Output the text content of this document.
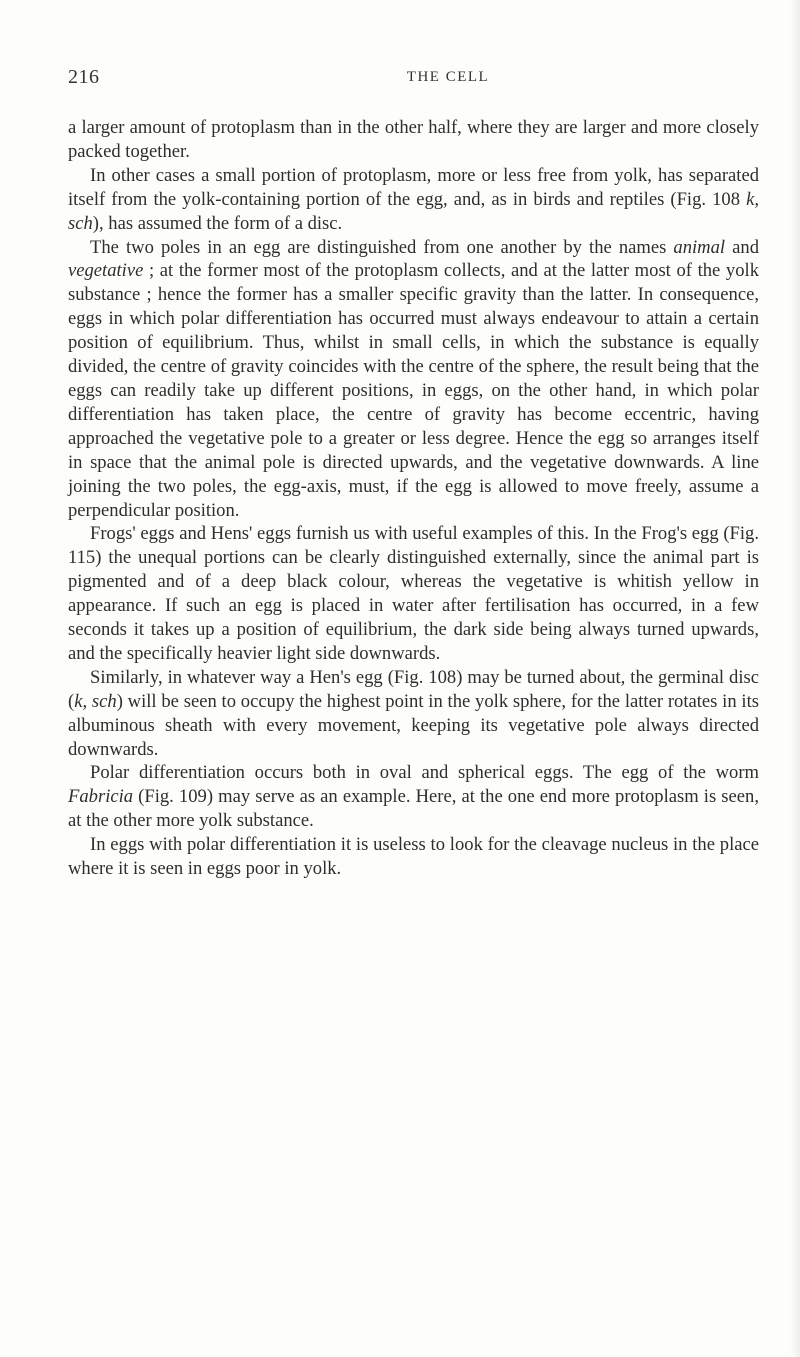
216	THE CELL

a larger amount of protoplasm than in the other half, where they are larger and more closely packed together.

In other cases a small portion of protoplasm, more or less free from yolk, has separated itself from the yolk-containing portion of the egg, and, as in birds and reptiles (Fig. 108 k, sch), has assumed the form of a disc.

The two poles in an egg are distinguished from one another by the names animal and vegetative ; at the former most of the protoplasm collects, and at the latter most of the yolk substance ; hence the former has a smaller specific gravity than the latter. In consequence, eggs in which polar differentiation has occurred must always endeavour to attain a certain position of equilibrium. Thus, whilst in small cells, in which the substance is equally divided, the centre of gravity coincides with the centre of the sphere, the result being that the eggs can readily take up different positions, in eggs, on the other hand, in which polar differentiation has taken place, the centre of gravity has become eccentric, having approached the vegetative pole to a greater or less degree. Hence the egg so arranges itself in space that the animal pole is directed upwards, and the vegetative downwards. A line joining the two poles, the egg-axis, must, if the egg is allowed to move freely, assume a perpendicular position.

Frogs' eggs and Hens' eggs furnish us with useful examples of this. In the Frog's egg (Fig. 115) the unequal portions can be clearly distinguished externally, since the animal part is pigmented and of a deep black colour, whereas the vegetative is whitish yellow in appearance. If such an egg is placed in water after fertilisation has occurred, in a few seconds it takes up a position of equilibrium, the dark side being always turned upwards, and the specifically heavier light side downwards.

Similarly, in whatever way a Hen's egg (Fig. 108) may be turned about, the germinal disc (k, sch) will be seen to occupy the highest point in the yolk sphere, for the latter rotates in its albuminous sheath with every movement, keeping its vegetative pole always directed downwards.

Polar differentiation occurs both in oval and spherical eggs. The egg of the worm Fabricia (Fig. 109) may serve as an example. Here, at the one end more protoplasm is seen, at the other more yolk substance.

In eggs with polar differentiation it is useless to look for the cleavage nucleus in the place where it is seen in eggs poor in yolk.
